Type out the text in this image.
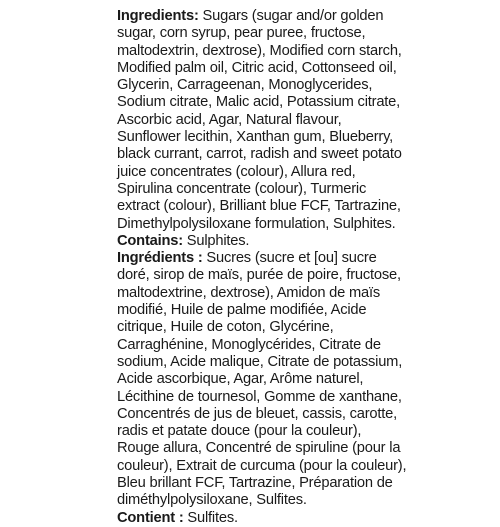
Ingredients: Sugars (sugar and/or golden sugar, corn syrup, pear puree, fructose, maltodextrin, dextrose), Modified corn starch, Modified palm oil, Citric acid, Cottonseed oil, Glycerin, Carrageenan, Monoglycerides, Sodium citrate, Malic acid, Potassium citrate, Ascorbic acid, Agar, Natural flavour, Sunflower lecithin, Xanthan gum, Blueberry, black currant, carrot, radish and sweet potato juice concentrates (colour), Allura red, Spirulina concentrate (colour), Turmeric extract (colour), Brilliant blue FCF, Tartrazine, Dimethylpolysiloxane formulation, Sulphites. Contains: Sulphites.

Ingrédients : Sucres (sucre et [ou] sucre doré, sirop de maïs, purée de poire, fructose, maltodextrine, dextrose), Amidon de maïs modifié, Huile de palme modifiée, Acide citrique, Huile de coton, Glycérine, Carraghénine, Monoglycérides, Citrate de sodium, Acide malique, Citrate de potassium, Acide ascorbique, Agar, Arôme naturel, Lécithine de tournesol, Gomme de xanthane, Concentrés de jus de bleuet, cassis, carotte, radis et patate douce (pour la couleur), Rouge allura, Concentré de spiruline (pour la couleur), Extrait de curcuma (pour la couleur), Bleu brillant FCF, Tartrazine, Préparation de diméthylpolysiloxane, Sulfites.

Contient : Sulfites.
